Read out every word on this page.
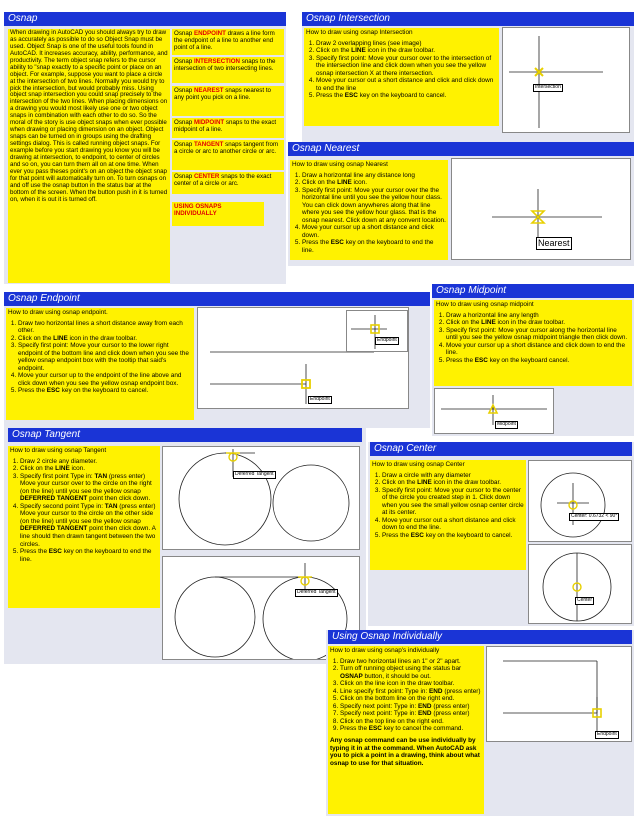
Osnap
When drawing in AutoCAD you should always try to draw as accurately as possible to do so Object Snap must be used. Object Snap is one of the useful tools found in AutoCAD. It increases accuracy, ability, performance, and productivity. The term object snap refers to the cursor ability to "snap exactly to a specific point or place on an object. For example, suppose you want to place a circle at the intersection of two lines. Normally you would try to pick the intersection, but would probably miss. Using object snap intersection you could snap precisely to the intersection of the two lines. When placing dimensions on a drawing you would most likely use one or two object snaps in combination with each other to do so. So the moral of the story is use object snaps when ever possible when drawing or placing dimension on an object. Object snaps can be turned on in groups using the drafting settings dialog. This is called running object snaps. For example before you start drawing you know you will be drawing at intersection, to endpoint, to center of circles and so on, you can turn them all on at one time. When ever you pass theses point's on an object the object snap for that point will automatically turn on. To turn osnaps on and off use the osnap button in the status bar at the bottom of the screen. When the button push in it is turned on, when it is out it is turned off.
Osnap ENDPOINT draws a line form the endpoint of a line to another end point of a line.
Osnap INTERSECTION snaps to the intersection of two intersecting lines.
Osnap NEAREST snaps nearest to any point you pick on a line.
Osnap MIDPOINT snaps to the exact midpoint of a line.
Osnap TANGENT snaps tangent from a circle or arc to another circle or arc.
Osnap CENTER snaps to the exact center of a circle or arc.
USING OSNAPS INDIVIDUALLY
Osnap Intersection
How to draw using osnap Intersection
1. Draw 2 overlapping lines (see image)
2. Click on the LINE icon in the draw toolbar.
3. Specify first point: Move your cursor over to the intersection of the intersection line and click down when you see the yellow osnap intersection X at there intersection.
4. Move your cursor out a short distance and click and click down to end the line
5. Press the ESC key on the keyboard to cancel.
Intersection
Osnap Nearest
How to draw using osnap Nearest
1. Draw a horizontal line any distance long
2. Click on the LINE icon.
3. Specify first point: Move your cursor over the the horizontal line until you see the yellow hour class. You can click down anywheres along that line where you see the yellow hour glass. that is the osnap nearest. Click down at any convent location.
4. Move your cursor up a short distance and click down.
5. Press the ESC key on the keyboard to end the line.
Nearest
Osnap Endpoint
How to draw using osnap endpoint.
1. Draw two horizontal lines a short distance away from each other.
2. Click on the LINE icon in the draw toolbar.
3. Specify first point: Move your cursor to the lower right endpoint of the bottom line and click down when you see the yellow osnap endpoint box with the tooltip that said's endpoint.
4. Move your cursor up to the endpoint of the line above and click down when you see the yellow osnap endpoint box.
5. Press the ESC key on the keyboard to cancel.
Endpoint
Endpoint
Osnap Midpoint
How to draw using osnap midpoint
1. Draw a horizontal line any length
2. Click on the LINE icon in the draw toolbar.
3. Specify first point: Move your cursor along the horizontal line until you see the yellow osnap midpoint triangle then click down.
4. Move your cursor up a short distance and click down to end the line.
5. Press the ESC key on the keyboard cancel.
Midpoint
Osnap Tangent
How to draw using osnap Tangent
1. Draw 2 circle any diameter.
2. Click on the LINE icon.
3. Specify first point Type in: TAN (press enter) Move your cursor over to the circle on the right (on the line) until you see the yellow osnap DEFERRED TANGENT point then click down.
4. Specify second point Type in: TAN (press enter) Move your cursor to the circle on the other side (on the line) until you see the yellow osnap DEFERRED TANGENT point then click down. A line should then drawn tangent between the two circles.
5. Press the ESC key on the keyboard to end the line.
Deferred Tangent
Deferred Tangent
Osnap Center
How to draw using osnap Center
1. Draw a circle with any diameter
2. Click on the LINE icon in the draw toolbar.
3. Specify first point: Move your cursor to the center of the circle you created step in 1. Click down when you see the small yellow osnap center circle at its center.
4. Move your cursor out a short distance and click down to end the line.
5. Press the ESC key on the keyboard to cancel.
Center: 0.6732 < 90°
Center
Using Osnap Individually
How to draw using osnap's individually
1. Draw two horizontal lines an 1" or 2" apart.
2. Turn off running object using the status bar OSNAP button, it should be out.
3. Click on the line icon in the draw toolbar.
4. Line specify first point: Type in: END (press enter)
5. Click on the bottom line on the right end.
6. Specify next point: Type in: END (press enter)
7. Specify next point: Type in: END (press enter)
8. Click on the top line on the right end.
9. Press the ESC key to cancel the command.
Any osnap command can be use individually by typing it in at the command. When AutoCAD ask you to pick a point in a drawing, think about what osnap to use for that situation.
Endpoint
